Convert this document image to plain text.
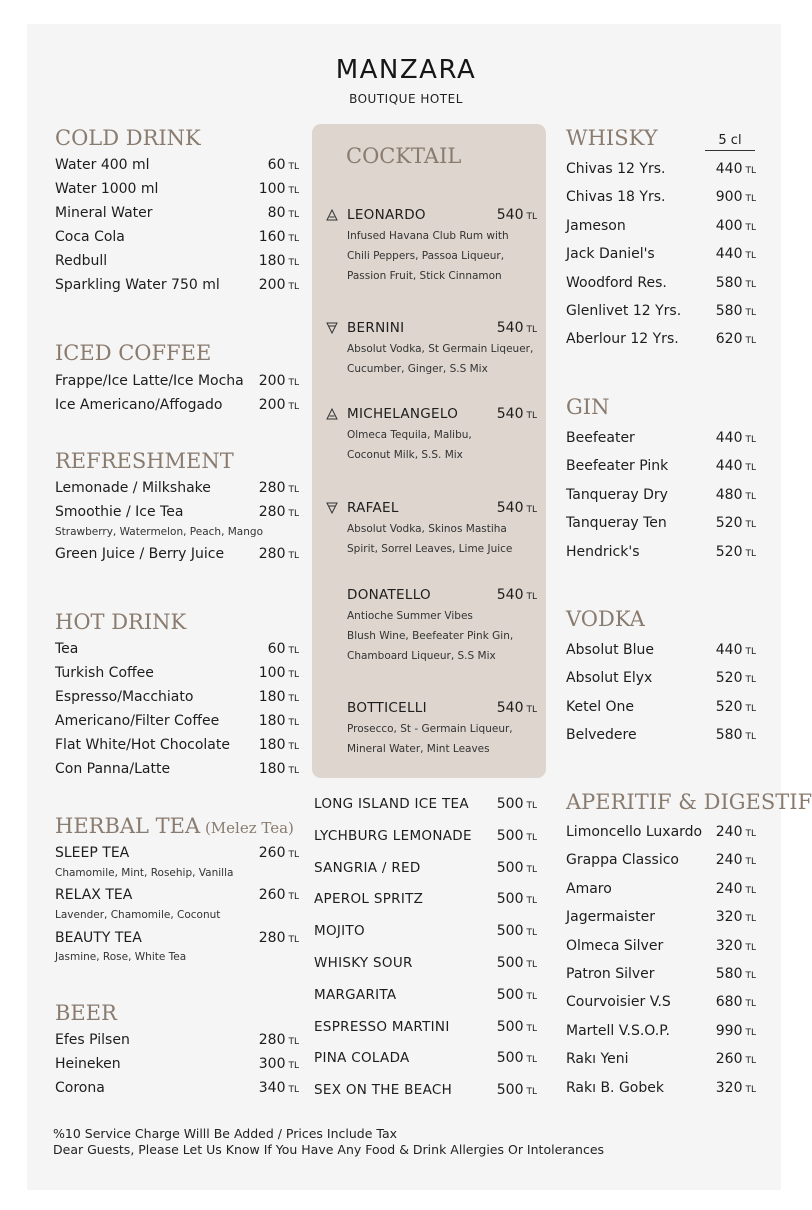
MANZARA
BOUTIQUE HOTEL
5 cl
COLD DRINK
Water 400 ml	60 TL
Water 1000 ml	100 TL
Mineral Water	80 TL
Coca Cola	160 TL
Redbull	180 TL
Sparkling Water 750 ml	200 TL
ICED COFFEE
Frappe/Ice Latte/Ice Mocha	200 TL
Ice Americano/Affogado	200 TL
REFRESHMENT
Lemonade / Milkshake	280 TL
Smoothie / Ice Tea	280 TL
Strawberry, Watermelon, Peach, Mango
Green Juice / Berry Juice	280 TL
HOT DRINK
Tea	60 TL
Turkish Coffee	100 TL
Espresso/Macchiato	180 TL
Americano/Filter Coffee	180 TL
Flat White/Hot Chocolate	180 TL
Con Panna/Latte	180 TL
HERBAL TEA (Melez Tea)
SLEEP TEA	260 TL
Chamomile, Mint, Rosehip, Vanilla
RELAX TEA	260 TL
Lavender, Chamomile, Coconut
BEAUTY TEA	280 TL
Jasmine, Rose, White Tea
BEER
Efes Pilsen	280 TL
Heineken	300 TL
Corona	340 TL
COCKTAIL
LEONARDO	540 TL
Infused Havana Club Rum with
Chili Peppers, Passoa Liqueur,
Passion Fruit, Stick Cinnamon
BERNINI	540 TL
Absolut Vodka, St Germain Liqeuer,
Cucumber, Ginger, S.S Mix
MICHELANGELO	540 TL
Olmeca Tequila, Malibu,
Coconut Milk, S.S. Mix
RAFAEL	540 TL
Absolut Vodka, Skinos Mastiha
Spirit, Sorrel Leaves, Lime Juice
DONATELLO	540 TL
Antioche Summer Vibes
Blush Wine, Beefeater Pink Gin,
Chamboard Liqueur, S.S Mix
BOTTICELLI	540 TL
Prosecco, St - Germain Liqueur,
Mineral Water, Mint Leaves
LONG ISLAND ICE TEA	500 TL
LYCHBURG LEMONADE	500 TL
SANGRIA / RED	500 TL
APEROL SPRITZ	500 TL
MOJITO	500 TL
WHISKY SOUR	500 TL
MARGARITA	500 TL
ESPRESSO MARTINI	500 TL
PINA COLADA	500 TL
SEX ON THE BEACH	500 TL
WHISKY
Chivas 12 Yrs.	440 TL
Chivas 18 Yrs.	900 TL
Jameson	400 TL
Jack Daniel's	440 TL
Woodford Res.	580 TL
Glenlivet 12 Yrs.	580 TL
Aberlour 12 Yrs.	620 TL
GIN
Beefeater	440 TL
Beefeater Pink	440 TL
Tanqueray Dry	480 TL
Tanqueray Ten	520 TL
Hendrick's	520 TL
VODKA
Absolut Blue	440 TL
Absolut Elyx	520 TL
Ketel One	520 TL
Belvedere	580 TL
APERITIF & DIGESTIF
Limoncello Luxardo 240 TL
Grappa Classico	240 TL
Amaro	240 TL
Jagermaister	320 TL
Olmeca Silver	320 TL
Patron Silver	580 TL
Courvoisier V.S	680 TL
Martell V.S.O.P.	990 TL
Rakı Yeni	260 TL
Rakı B. Gobek	320 TL
%10 Service Charge Willl Be Added / Prices Include Tax
Dear Guests, Please Let Us Know If You Have Any Food & Drink Allergies Or Intolerances
